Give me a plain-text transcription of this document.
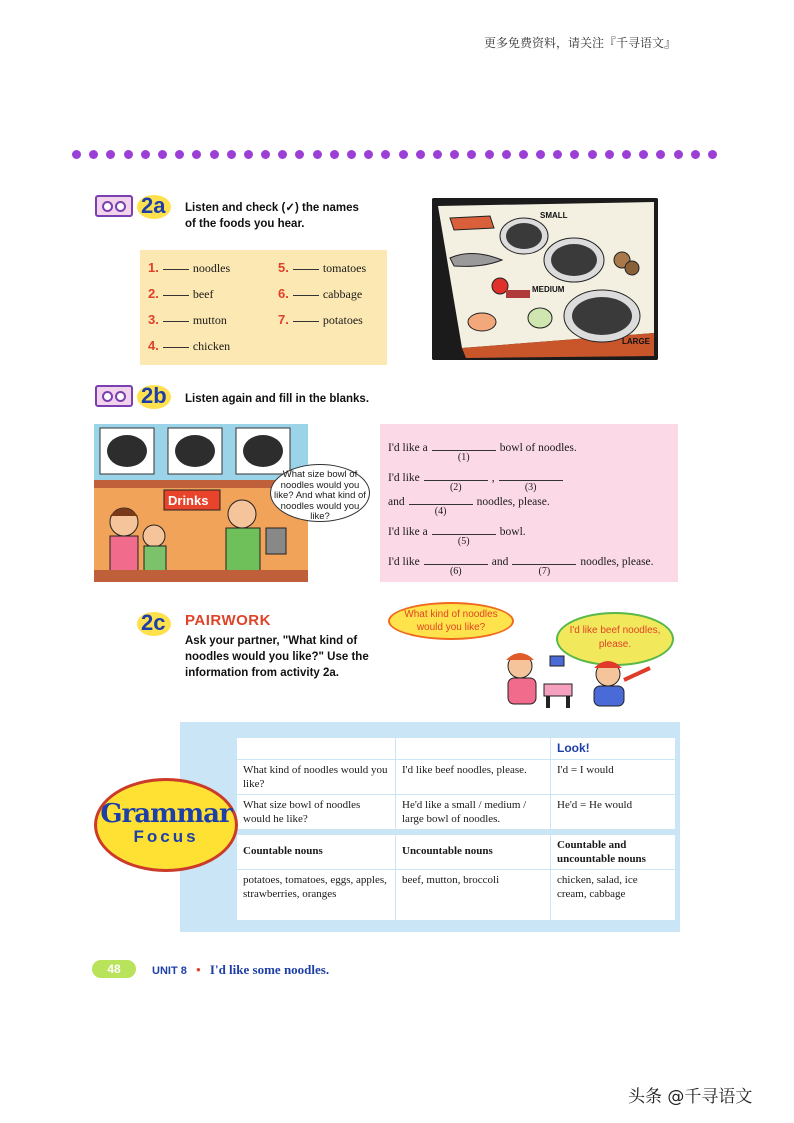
更多免费资料，请关注『千寻语文』
2a	Listen and check (✓) the names of the foods you hear.
1.	noodles
2.	beef
3.	mutton
4.	chicken
5.	tomatoes
6.	cabbage
7.	potatoes
SMALL
MEDIUM
LARGE
2b	Listen again and fill in the blanks.
Drinks
What size bowl of noodles would you like? And what kind of noodles would you like?
I'd like a
(1)
bowl of noodles.
I'd like
(2)
,
(3)
and
(4)
noodles, please.
I'd like a
(5)
bowl.
I'd like
(6)
and
(7)
noodles, please.
2c	PAIRWORK
Ask your partner, "What kind of noodles would you like?" Use the information from activity 2a.
What kind of noodles would you like?	I'd like beef noodles, please.
		Look!
What kind of noodles would you like?	I'd like beef noodles, please.	I'd = I would
What size bowl of noodles would he like?	He'd like a small / medium / large bowl of noodles.	He'd = He would
Countable nouns	Uncountable nouns	Countable and uncountable nouns
potatoes, tomatoes, eggs, apples, strawberries, oranges	beef, mutton, broccoli	chicken, salad, ice cream, cabbage
Grammar
Focus
48	UNIT 8 • I'd like some noodles.
头条 @千寻语文
